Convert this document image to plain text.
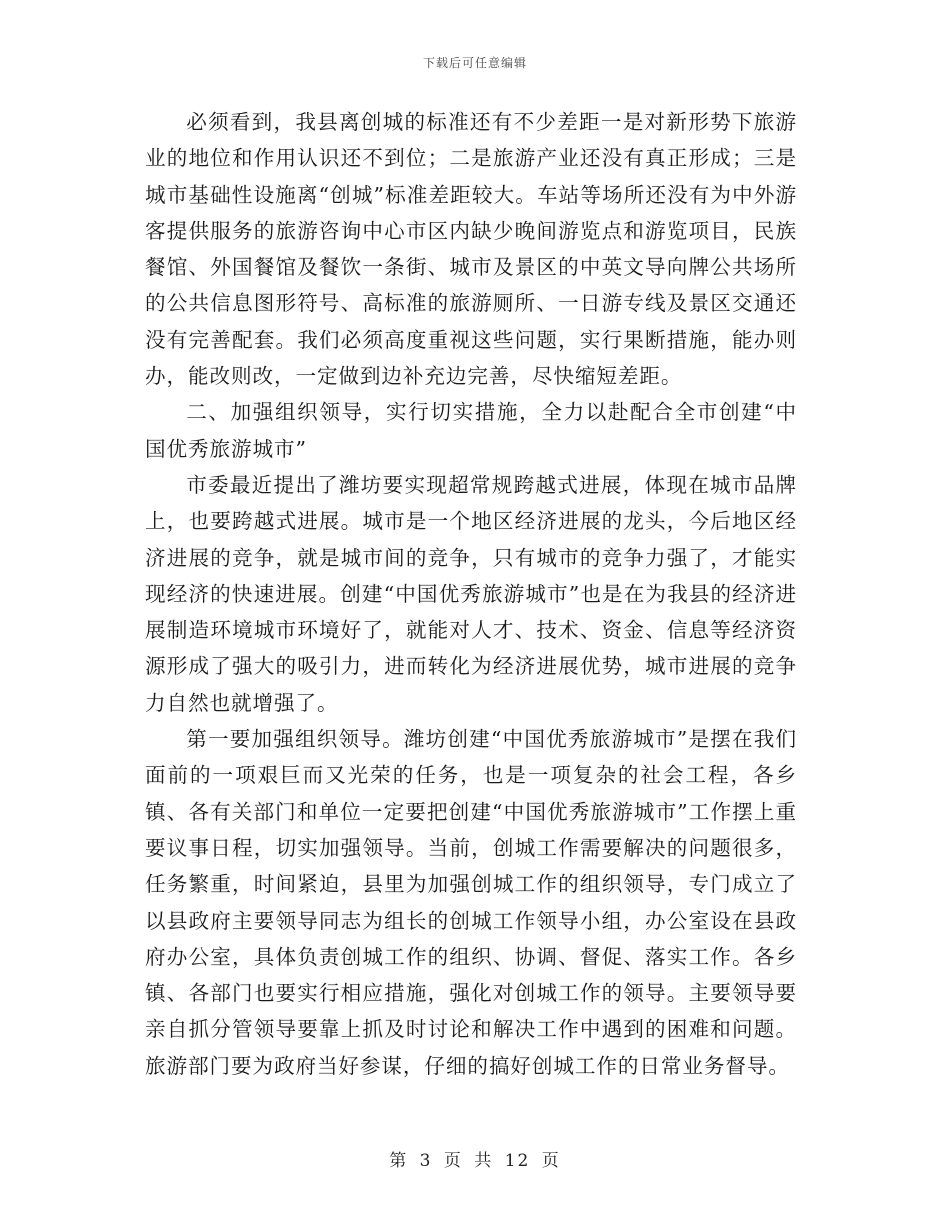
下载后可任意编辑

必须看到，我县离创城的标准还有不少差距一是对新形势下旅游业的地位和作用认识还不到位；二是旅游产业还没有真正形成；三是城市基础性设施离“创城”标准差距较大。车站等场所还没有为中外游客提供服务的旅游咨询中心市区内缺少晚间游览点和游览项目，民族餐馆、外国餐馆及餐饮一条街、城市及景区的中英文导向牌公共场所的公共信息图形符号、高标准的旅游厕所、一日游专线及景区交通还没有完善配套。我们必须高度重视这些问题，实行果断措施，能办则办，能改则改，一定做到边补充边完善，尽快缩短差距。

二、加强组织领导，实行切实措施，全力以赴配合全市创建“中国优秀旅游城市”

市委最近提出了潍坊要实现超常规跨越式进展，体现在城市品牌上，也要跨越式进展。城市是一个地区经济进展的龙头，今后地区经济进展的竞争，就是城市间的竞争，只有城市的竞争力强了，才能实现经济的快速进展。创建“中国优秀旅游城市”也是在为我县的经济进展制造环境城市环境好了，就能对人才、技术、资金、信息等经济资源形成了强大的吸引力，进而转化为经济进展优势，城市进展的竞争力自然也就增强了。

第一要加强组织领导。潍坊创建“中国优秀旅游城市”是摆在我们面前的一项艰巨而又光荣的任务，也是一项复杂的社会工程，各乡镇、各有关部门和单位一定要把创建“中国优秀旅游城市”工作摆上重要议事日程，切实加强领导。当前，创城工作需要解决的问题很多，任务繁重，时间紧迫，县里为加强创城工作的组织领导，专门成立了以县政府主要领导同志为组长的创城工作领导小组，办公室设在县政府办公室，具体负责创城工作的组织、协调、督促、落实工作。各乡镇、各部门也要实行相应措施，强化对创城工作的领导。主要领导要亲自抓分管领导要靠上抓及时讨论和解决工作中遇到的困难和问题。旅游部门要为政府当好参谋，仔细的搞好创城工作的日常业务督导。

第 3 页 共 12 页
